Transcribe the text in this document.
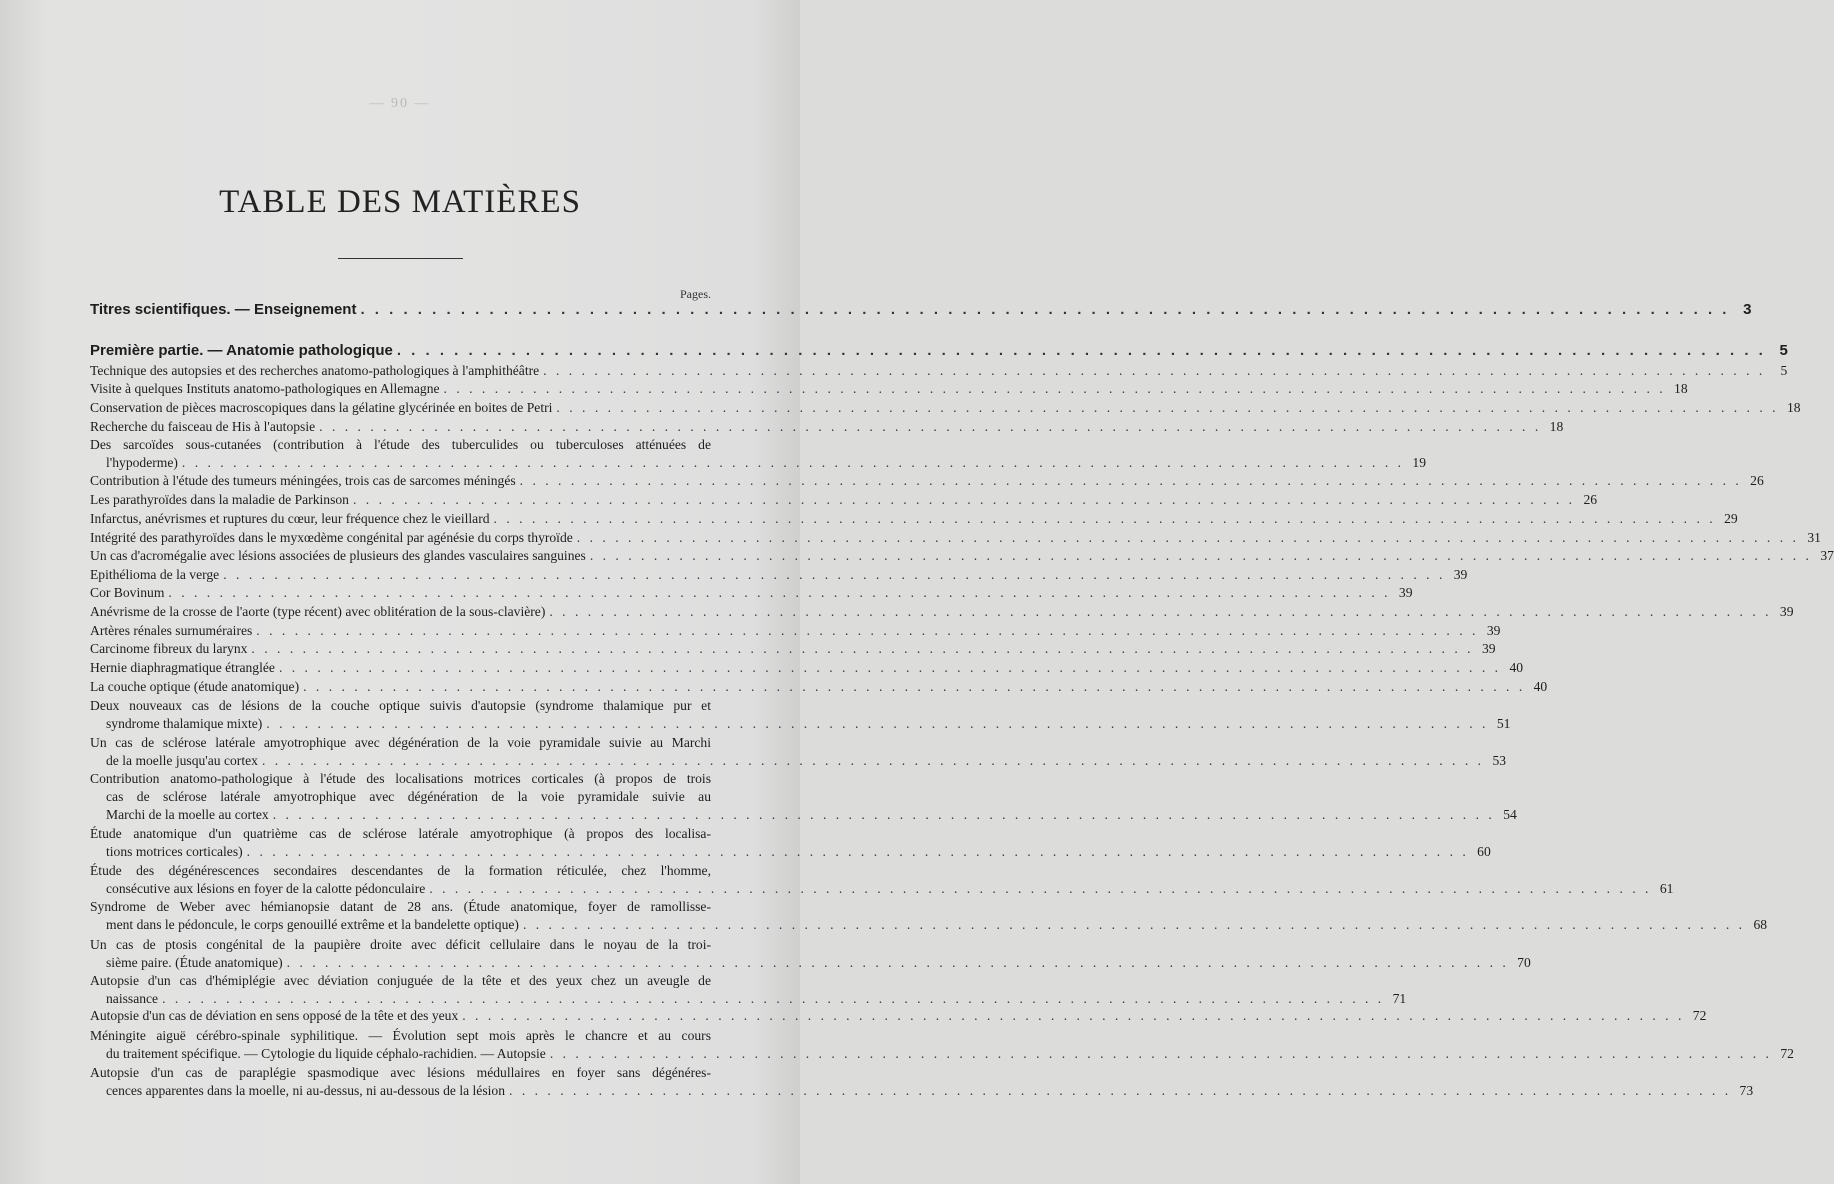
— 90 —
TABLE DES MATIÈRES
Pages.
Titres scientifiques. — Enseignement . . .	3
Première partie. — Anatomie pathologique . . .	5
Technique des autopsies et des recherches anatomo-pathologiques à l'amphithéâtre . . .	5
Visite à quelques Instituts anatomo-pathologiques en Allemagne . . .	18
Conservation de pièces macroscopiques dans la gélatine glycérinée en boites de Petri . . .	18
Recherche du faisceau de His à l'autopsie . . .	18
Des sarcoïdes sous-cutanées (contribution à l'étude des tuberculides ou tuberculoses atténuées de
l'hypoderme) . . .	19
Contribution à l'étude des tumeurs méningées, trois cas de sarcomes méningés . . .	26
Les parathyroïdes dans la maladie de Parkinson . . .	26
Infarctus, anévrismes et ruptures du cœur, leur fréquence chez le vieillard . . .	29
Intégrité des parathyroïdes dans le myxœdème congénital par agénésie du corps thyroïde . . .	31
Un cas d'acromégalie avec lésions associées de plusieurs des glandes vasculaires sanguines . . .	37
Epithélioma de la verge . . .	39
Cor Bovinum . . .	39
Anévrisme de la crosse de l'aorte (type récent) avec oblitération de la sous-clavière) . . .	39
Artères rénales surnuméraires . . .	39
Carcinome fibreux du larynx . . .	39
Hernie diaphragmatique étranglée . . .	40
La couche optique (étude anatomique) . . .	40
Deux nouveaux cas de lésions de la couche optique suivis d'autopsie (syndrome thalamique pur et
syndrome thalamique mixte) . . .	51
Un cas de sclérose latérale amyotrophique avec dégénération de la voie pyramidale suivie au Marchi
de la moelle jusqu'au cortex . . .	53
Contribution anatomo-pathologique à l'étude des localisations motrices corticales (à propos de trois
cas de sclérose latérale amyotrophique avec dégénération de la voie pyramidale suivie au
Marchi de la moelle au cortex . . .	54
Étude anatomique d'un quatrième cas de sclérose latérale amyotrophique (à propos des localisa-
tions motrices corticales) . . .	60
Étude des dégénérescences secondaires descendantes de la formation réticulée, chez l'homme,
consécutive aux lésions en foyer de la calotte pédonculaire . . .	61
Syndrome de Weber avec hémianopsie datant de 28 ans. (Étude anatomique, foyer de ramollisse-
ment dans le pédoncule, le corps genouillé extrême et la bandelette optique) . . .	68
Un cas de ptosis congénital de la paupière droite avec déficit cellulaire dans le noyau de la troi-
sième paire. (Étude anatomique) . . .	70
Autopsie d'un cas d'hémiplégie avec déviation conjuguée de la tête et des yeux chez un aveugle de
naissance . . .	71
Autopsie d'un cas de déviation en sens opposé de la tête et des yeux . . .	72
Méningite aiguë cérébro-spinale syphilitique. — Évolution sept mois après le chancre et au cours
du traitement spécifique. — Cytologie du liquide céphalo-rachidien. — Autopsie . . .	72
Autopsie d'un cas de paraplégie spasmodique avec lésions médullaires en foyer sans dégénéres-
cences apparentes dans la moelle, ni au-dessus, ni au-dessous de la lésion . . .	73
